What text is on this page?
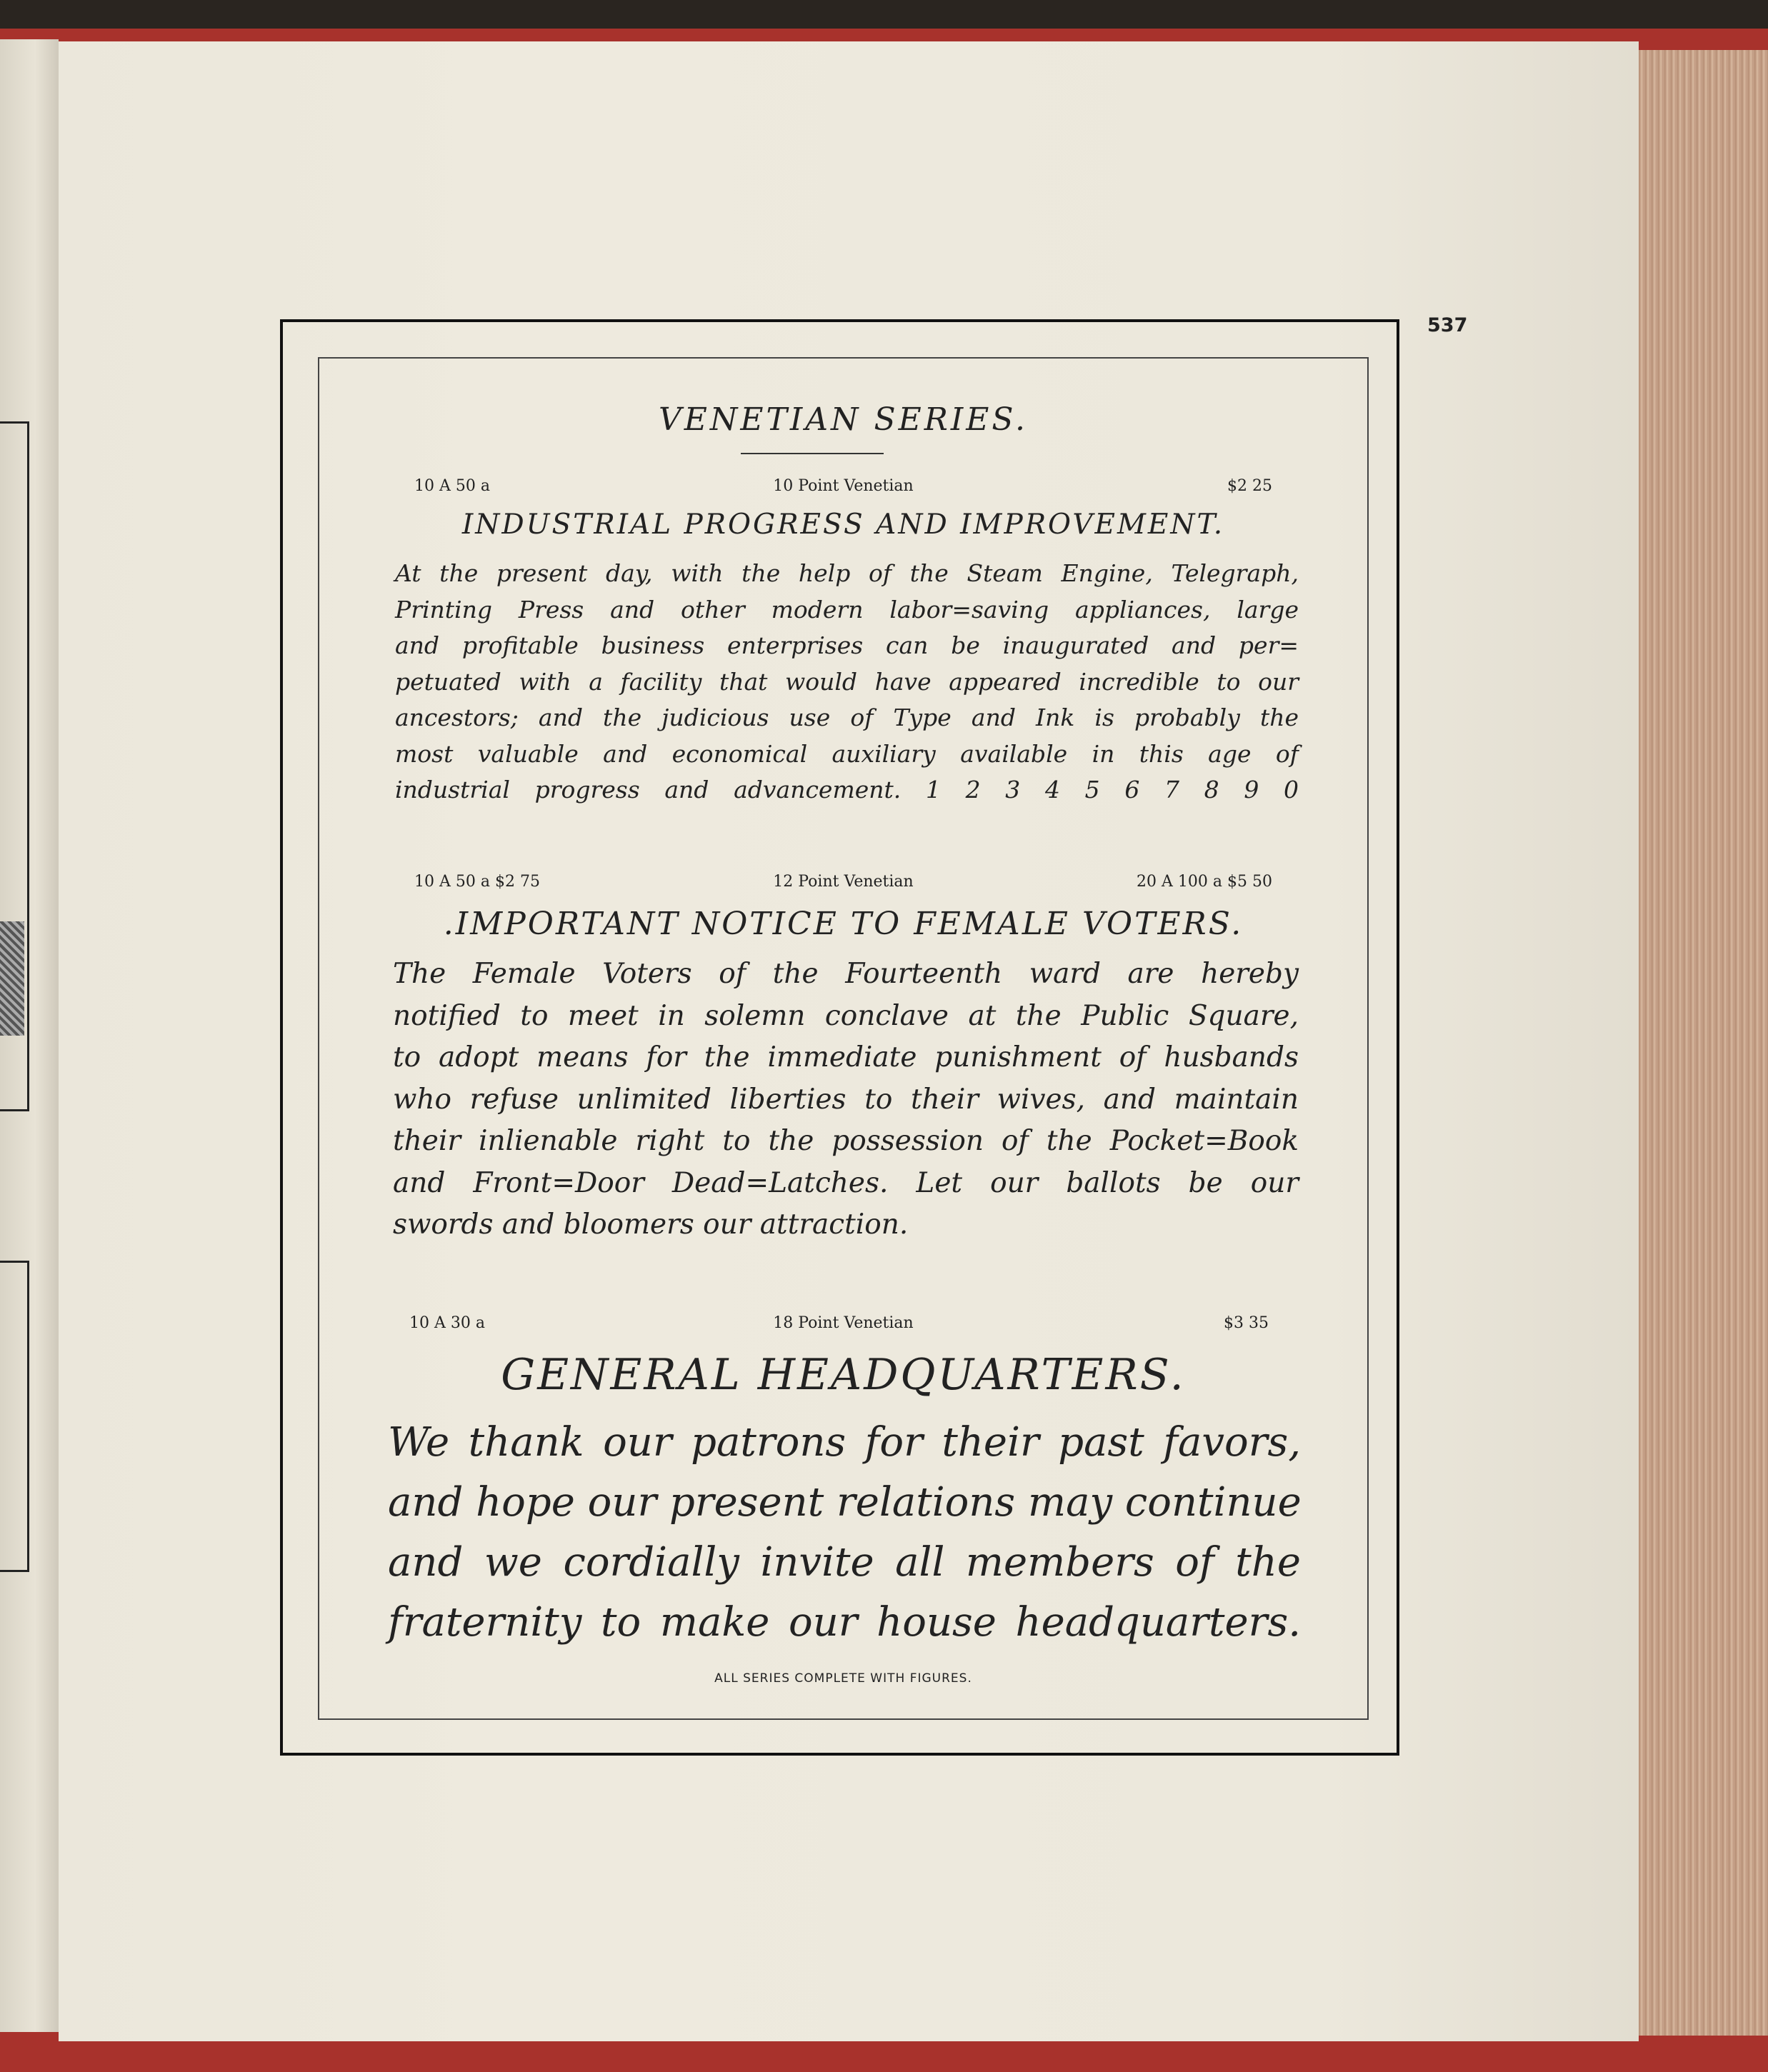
537
VENETIAN SERIES.
10 A 50 a	10 Point Venetian	$2 25
INDUSTRIAL PROGRESS AND IMPROVEMENT.
At the present day, with the help of the Steam Engine, Telegraph,
Printing Press and other modern labor=saving appliances, large
and profitable business enterprises can be inaugurated and per=
petuated with a facility that would have appeared incredible to our
ancestors; and the judicious use of Type and Ink is probably the
most valuable and economical auxiliary available in this age of
industrial progress and advancement. 1 2 3 4 5 6 7 8 9 0
10 A 50 a $2 75	12 Point Venetian	20 A 100 a $5 50
.IMPORTANT NOTICE TO FEMALE VOTERS.
The Female Voters of the Fourteenth ward are hereby
notified to meet in solemn conclave at the Public Square,
to adopt means for the immediate punishment of husbands
who refuse unlimited liberties to their wives, and maintain
their inlienable right to the possession of the Pocket=Book
and Front=Door Dead=Latches. Let our ballots be our
swords and bloomers our attraction.
10 A 30 a	18 Point Venetian	$3 35
GENERAL HEADQUARTERS.
We thank our patrons for their past favors,
and hope our present relations may continue
and we cordially invite all members of the
fraternity to make our house headquarters.
ALL SERIES COMPLETE WITH FIGURES.
